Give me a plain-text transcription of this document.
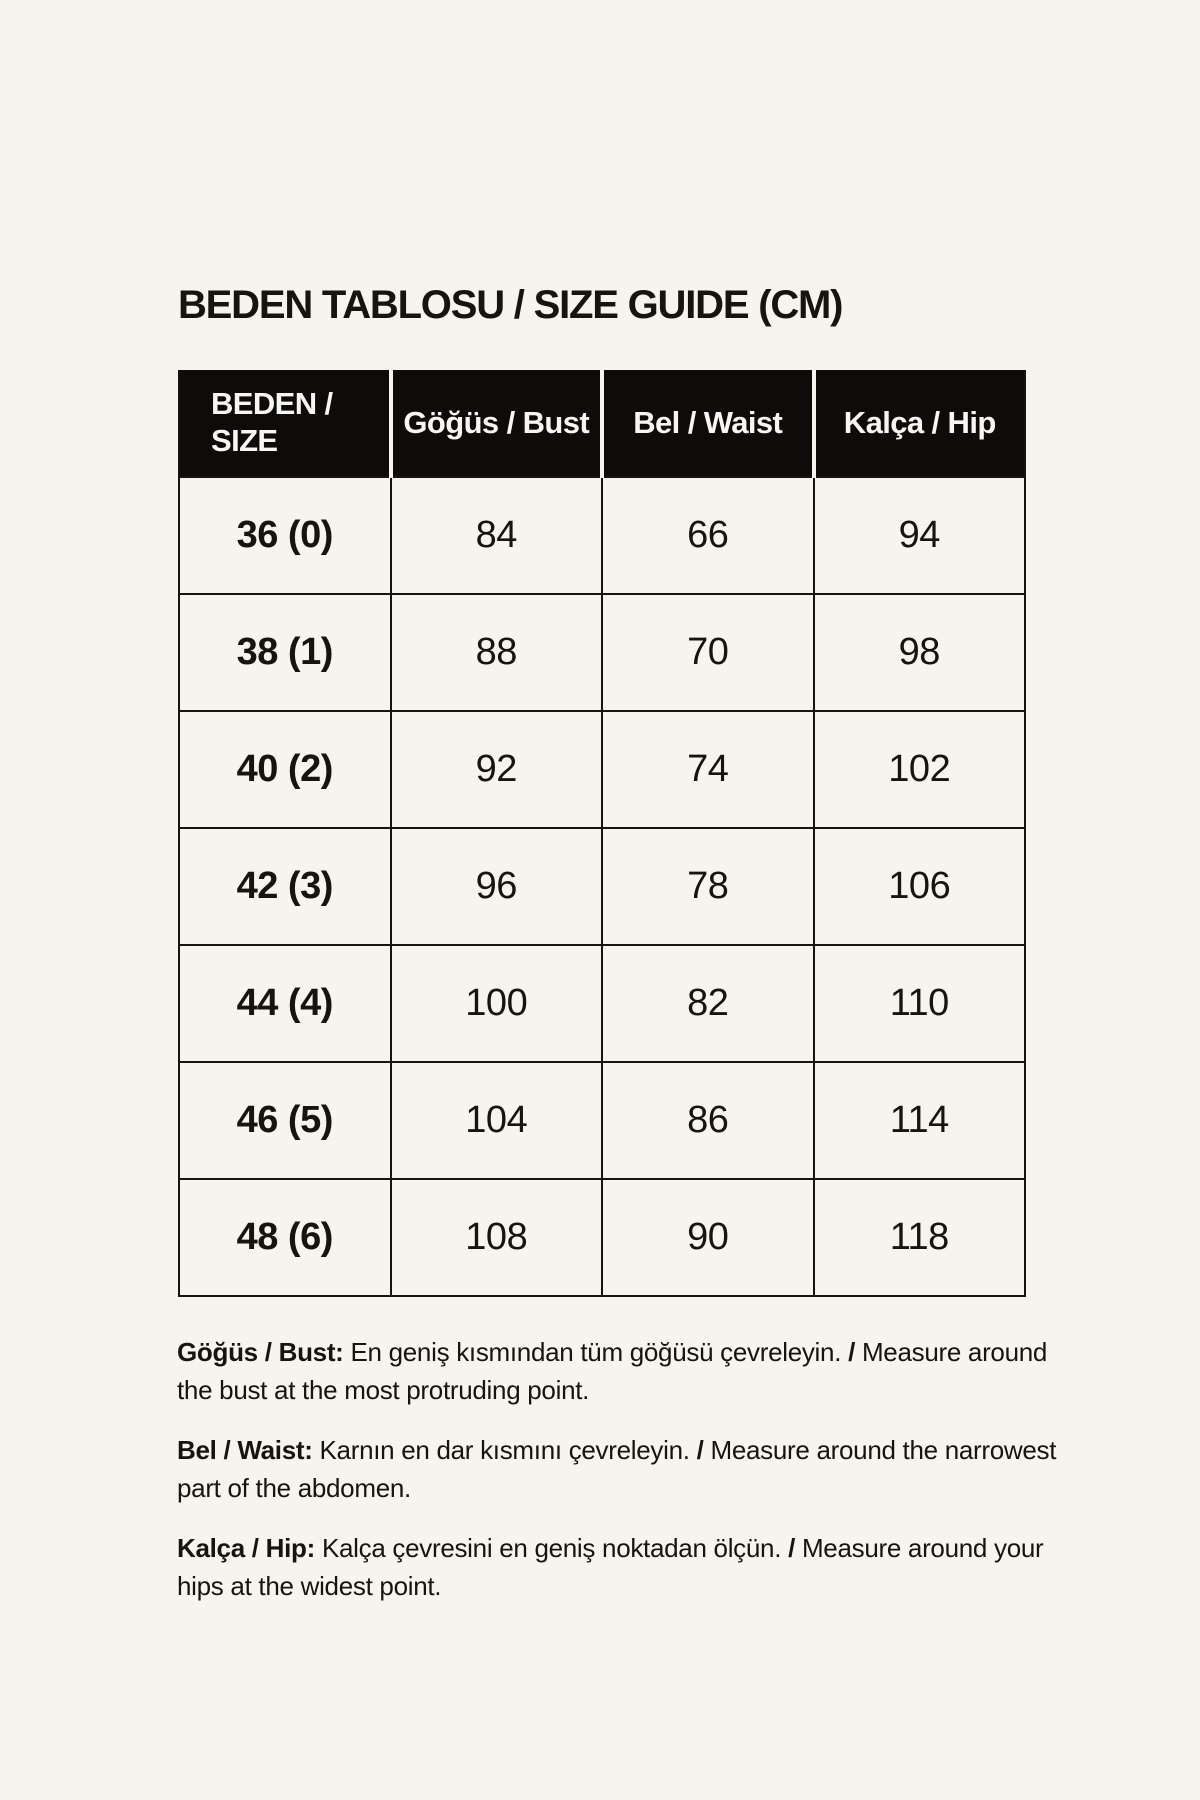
BEDEN TABLOSU / SIZE GUIDE (CM)
BEDEN / SIZE	Göğüs / Bust	Bel / Waist	Kalça / Hip
36 (0)	84	66	94
38 (1)	88	70	98
40 (2)	92	74	102
42 (3)	96	78	106
44 (4)	100	82	110
46 (5)	104	86	114
48 (6)	108	90	118

Göğüs / Bust: En geniş kısmından tüm göğüsü çevreleyin. / Measure around the bust at the most protruding point.

Bel / Waist: Karnın en dar kısmını çevreleyin. / Measure around the narrowest part of the abdomen.

Kalça / Hip: Kalça çevresini en geniş noktadan ölçün. / Measure around your hips at the widest point.
